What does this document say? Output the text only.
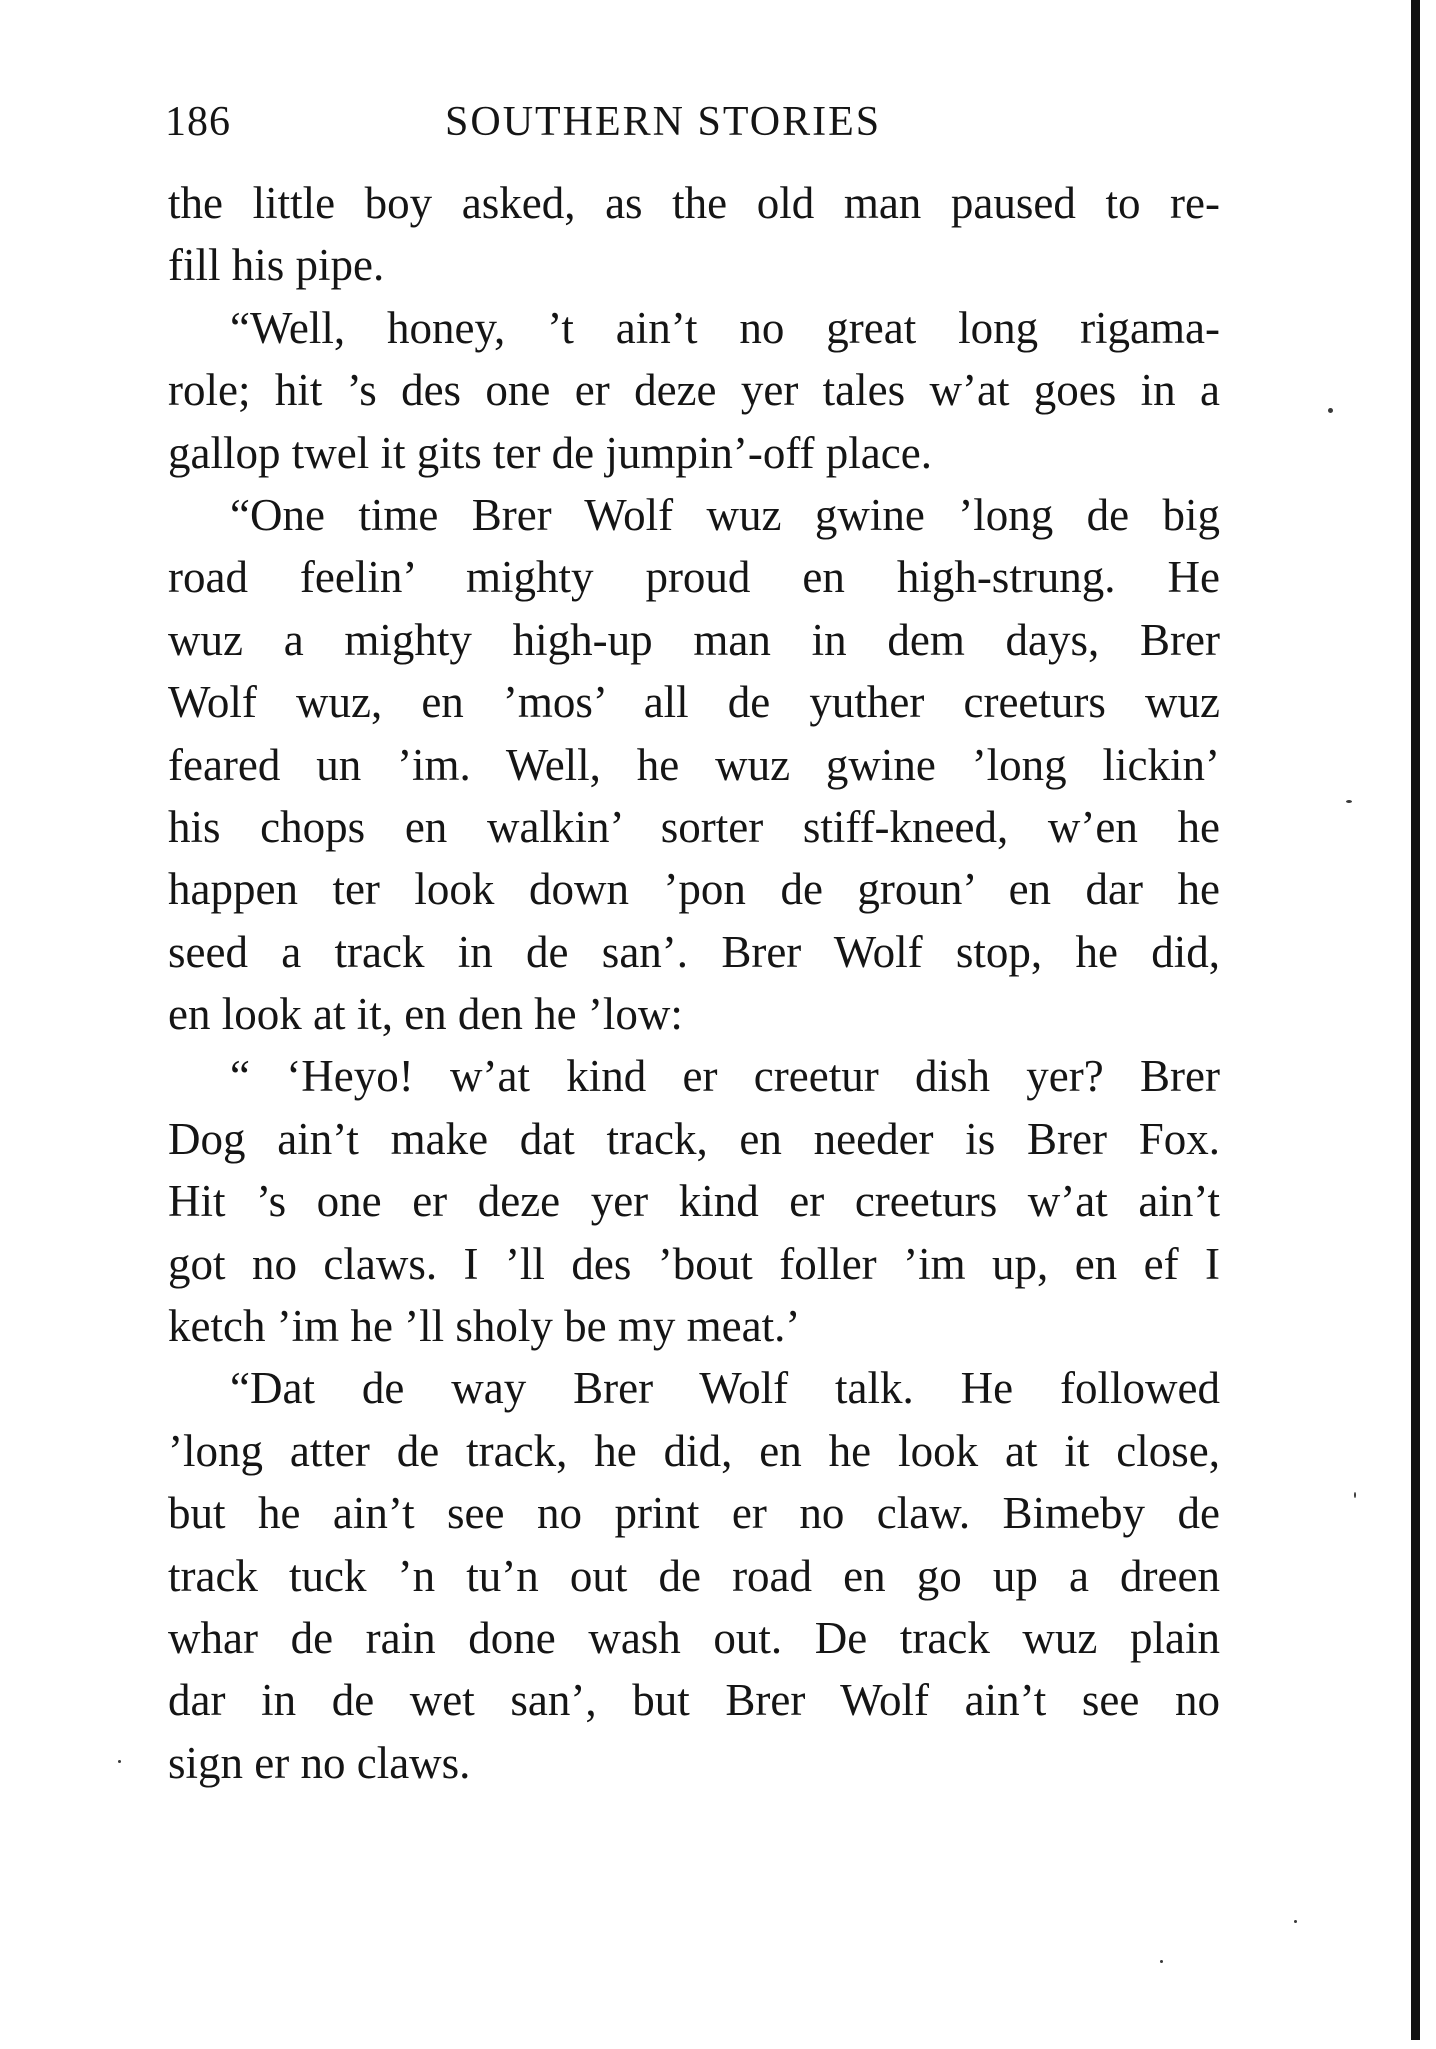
186	SOUTHERN STORIES
the little boy asked, as the old man paused to re-
fill his pipe.
“Well, honey, ’t ain’t no great long rigama-
role; hit ’s des one er deze yer tales w’at goes in a
gallop twel it gits ter de jumpin’-off place.
“One time Brer Wolf wuz gwine ’long de big
road feelin’ mighty proud en high-strung. He
wuz a mighty high-up man in dem days, Brer
Wolf wuz, en ’mos’ all de yuther creeturs wuz
feared un ’im. Well, he wuz gwine ’long lickin’
his chops en walkin’ sorter stiff-kneed, w’en he
happen ter look down ’pon de groun’ en dar he
seed a track in de san’. Brer Wolf stop, he did,
en look at it, en den he ’low:
“ ‘Heyo! w’at kind er creetur dish yer? Brer
Dog ain’t make dat track, en needer is Brer Fox.
Hit ’s one er deze yer kind er creeturs w’at ain’t
got no claws. I ’ll des ’bout foller ’im up, en ef I
ketch ’im he ’ll sholy be my meat.’
“Dat de way Brer Wolf talk. He followed
’long atter de track, he did, en he look at it close,
but he ain’t see no print er no claw. Bimeby de
track tuck ’n tu’n out de road en go up a dreen
whar de rain done wash out. De track wuz plain
dar in de wet san’, but Brer Wolf ain’t see no
sign er no claws.
